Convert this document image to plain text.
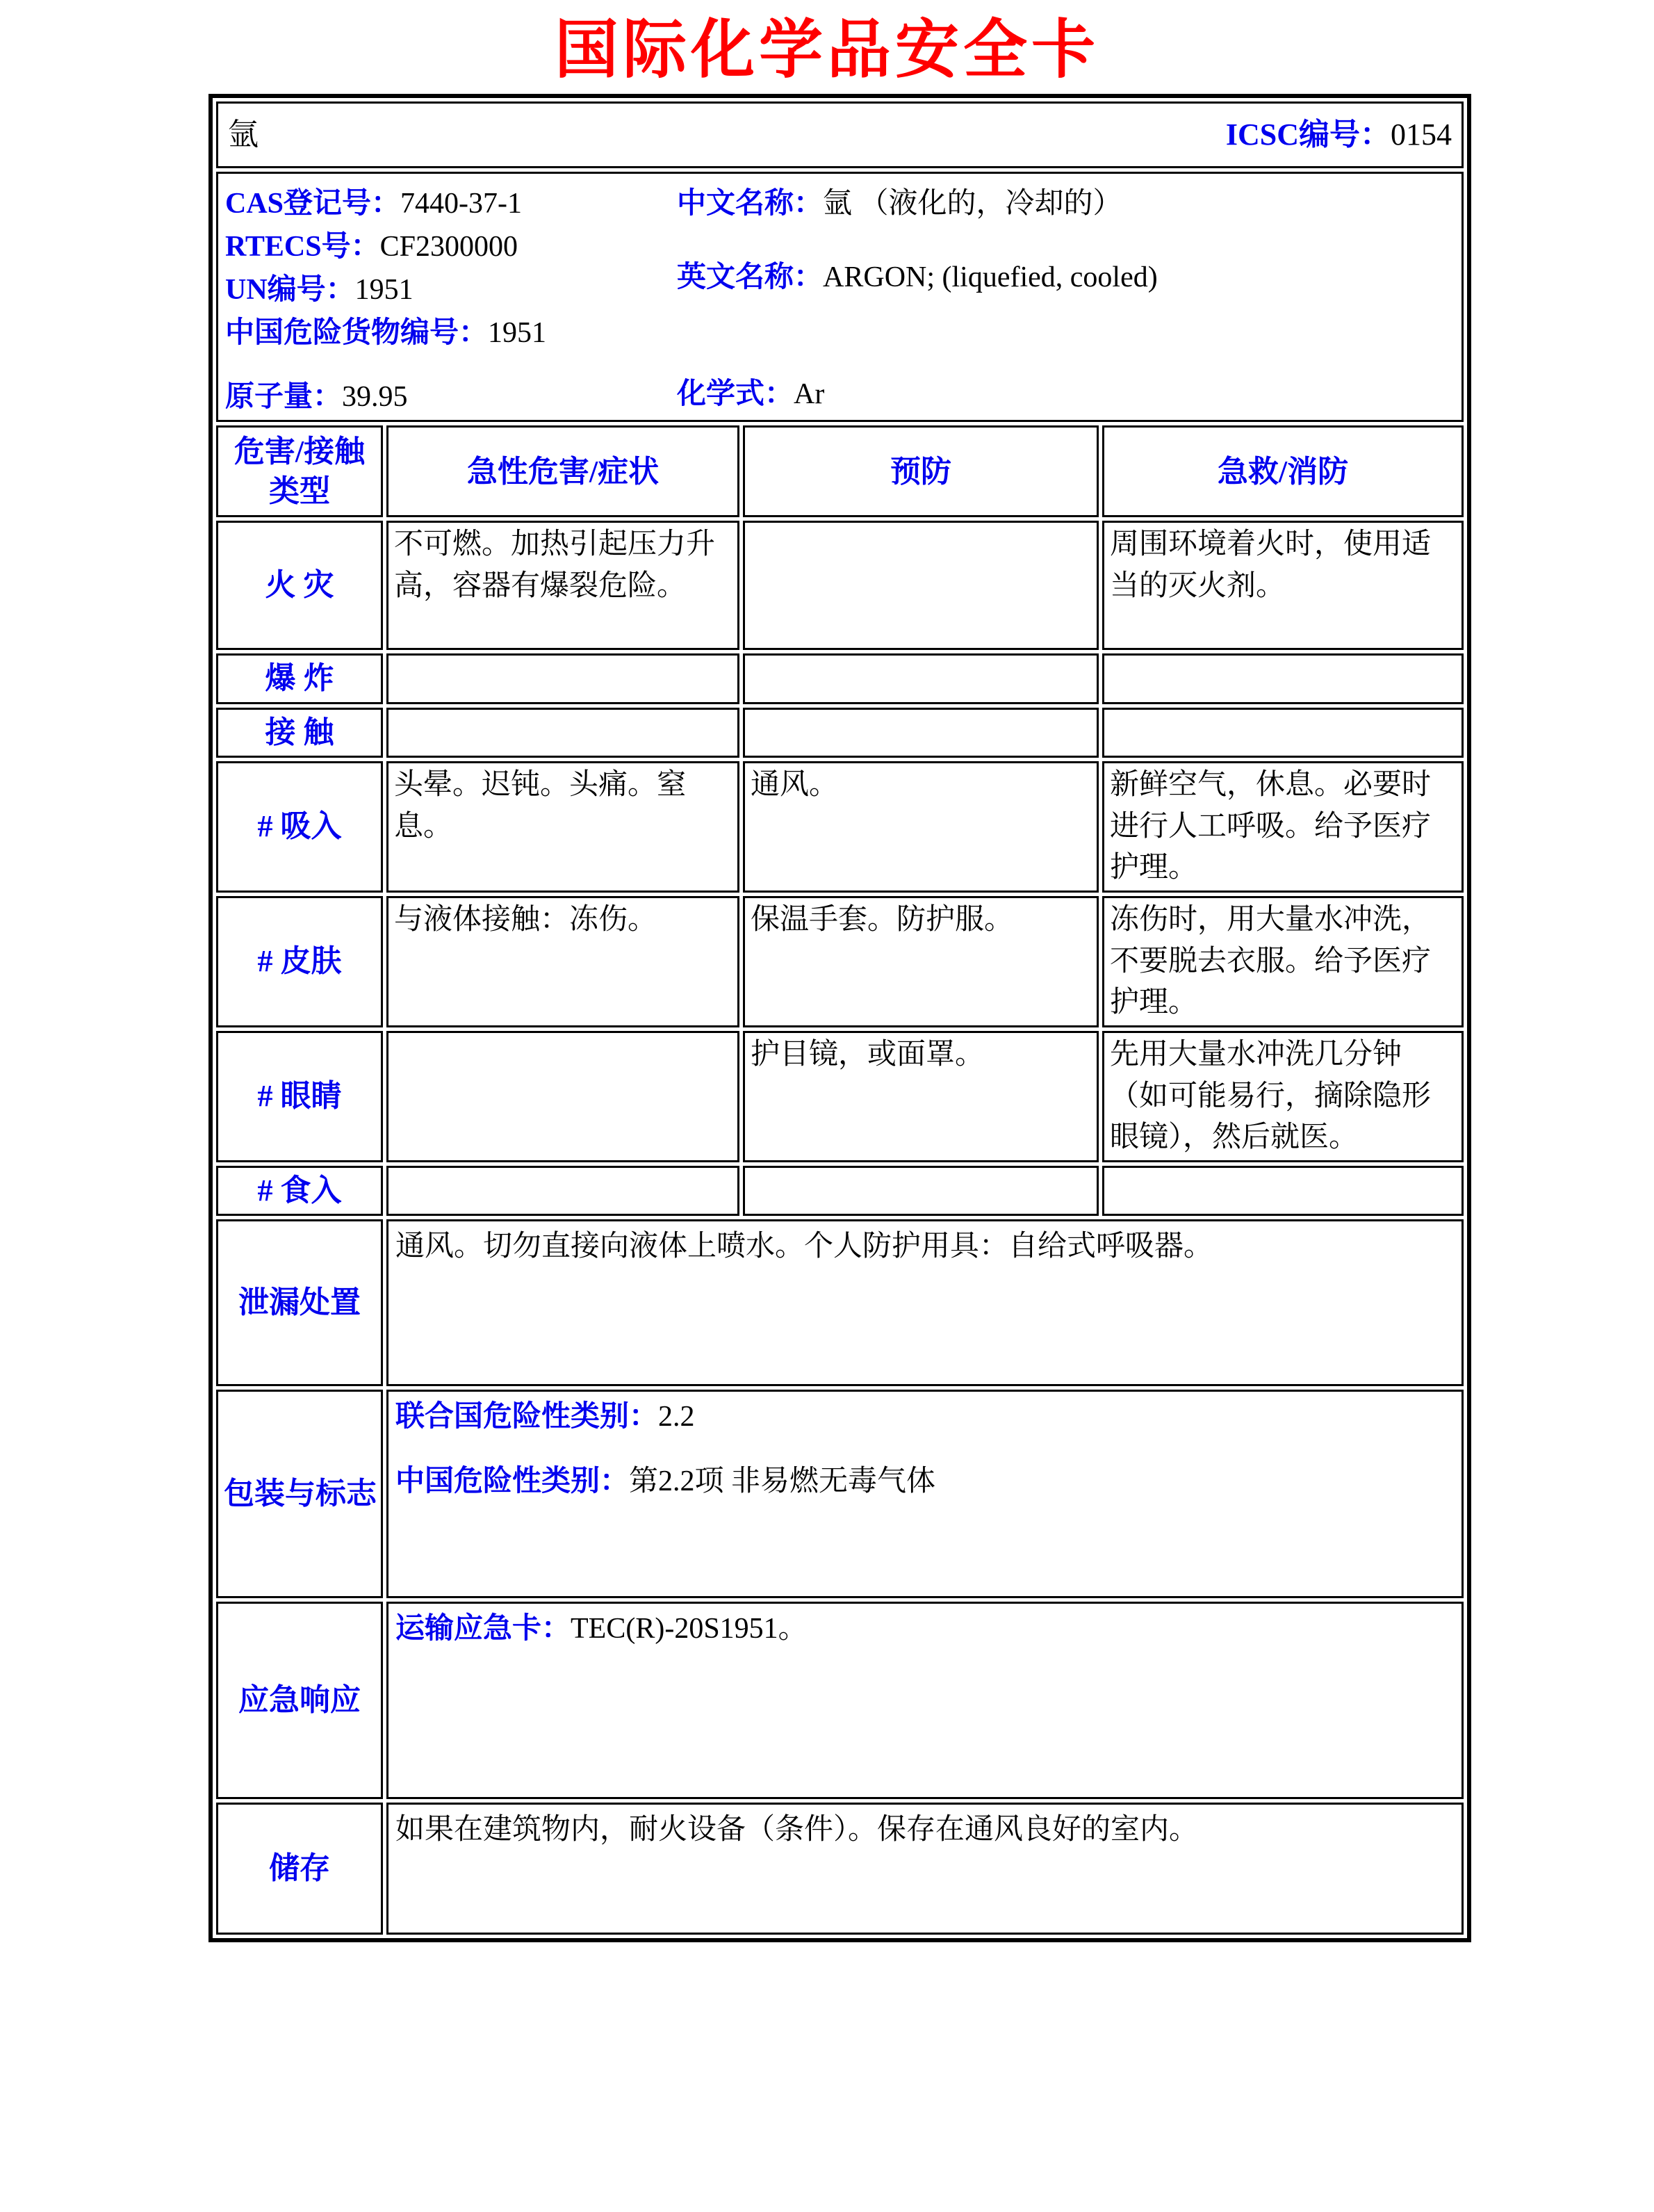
国际化学品安全卡
氩 ICSC编号：0154			

CAS登记号：7440-37-1
RTECS号：CF2300000
UN编号：1951
中国危险货物编号：1951
原子量：39.95
中文名称：氩 （液化的，冷却的）
英文名称：ARGON; (liquefied, cooled)
化学式：Ar

危害/接触
类型	急性危害/症状	预防	急救/消防
火 灾	不可燃。加热引起压力升高，容器有爆裂危险。		周围环境着火时，使用适当的灭火剂。
爆 炸			
接 触			
# 吸入	头晕。迟钝。头痛。窒息。	通风。	新鲜空气，休息。必要时进行人工呼吸。给予医疗护理。
# 皮肤	与液体接触：冻伤。	保温手套。防护服。	冻伤时，用大量水冲洗，不要脱去衣服。给予医疗护理。
# 眼睛		护目镜，或面罩。	先用大量水冲洗几分钟（如可能易行，摘除隐形眼镜），然后就医。
# 食入			
泄漏处置	通风。切勿直接向液体上喷水。个人防护用具：自给式呼吸器。		

包装与标志	联合国危险性类别：2.2
中国危险性类别：第2.2项 非易燃无毒气体		

应急响应	运输应急卡：TEC(R)-20S1951。		

储存	如果在建筑物内，耐火设备（条件）。保存在通风良好的室内。		
